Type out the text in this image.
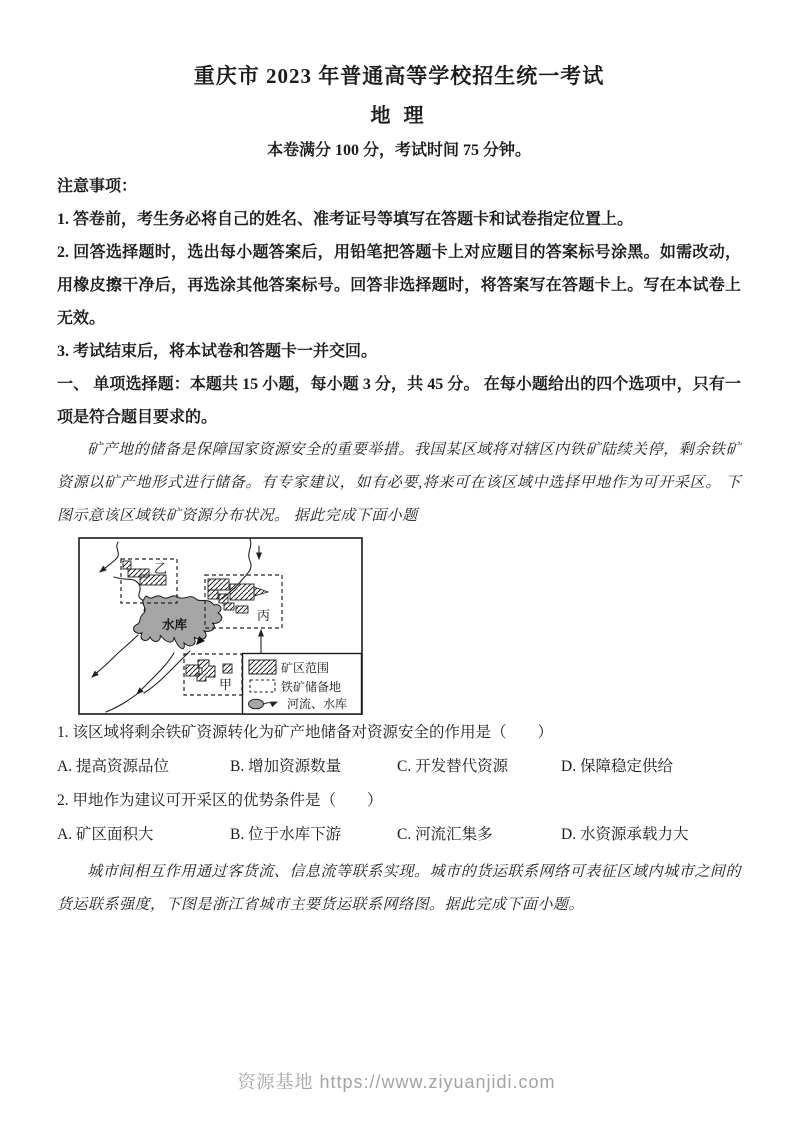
重庆市 2023 年普通高等学校招生统一考试
地 理

本卷满分 100 分，考试时间 75 分钟。

注意事项：

1. 答卷前，考生务必将自己的姓名、准考证号等填写在答题卡和试卷指定位置上。

2. 回答选择题时，选出每小题答案后，用铅笔把答题卡上对应题目的答案标号涂黑。如需改动，用橡皮擦干净后，再选涂其他答案标号。回答非选择题时，将答案写在答题卡上。写在本试卷上无效。

3. 考试结束后，将本试卷和答题卡一并交回。

一、 单项选择题：本题共 15 小题，每小题 3 分，共 45 分。 在每小题给出的四个选项中，只有一项是符合题目要求的。

矿产地的储备是保障国家资源安全的重要举措。我国某区域将对辖区内铁矿陆续关停，剩余铁矿资源以矿产地形式进行储备。有专家建议，如有必要,将来可在该区域中选择甲地作为可开采区。 下图示意该区域铁矿资源分布状况。 据此完成下面小题

水库
乙
丙
甲
矿区范围
铁矿储备地
河流、水库

1. 该区域将剩余铁矿资源转化为矿产地储备对资源安全的作用是（　　）

A. 提高资源品位	B. 增加资源数量	C. 开发替代资源	D. 保障稳定供给

2. 甲地作为建议可开采区的优势条件是（　　）

A. 矿区面积大	B. 位于水库下游	C. 河流汇集多	D. 水资源承载力大

城市间相互作用通过客货流、信息流等联系实现。城市的货运联系网络可表征区域内城市之间的货运联系强度，下图是浙江省城市主要货运联系网络图。据此完成下面小题。

资源基地 https://www.ziyuanjidi.com
